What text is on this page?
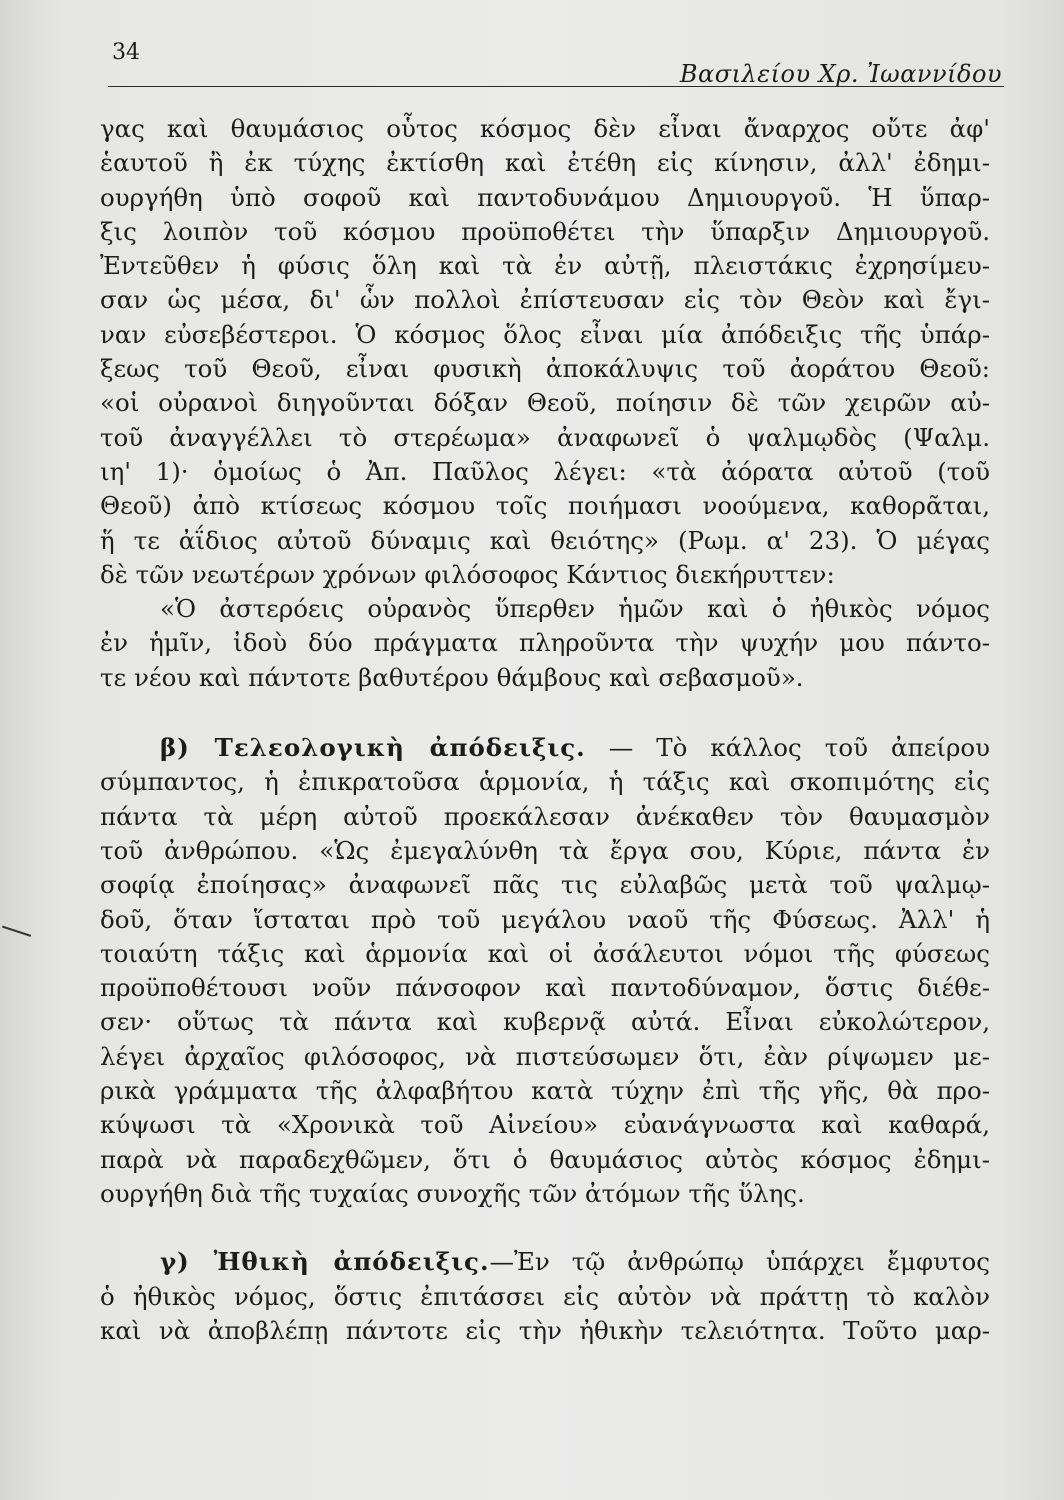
34
Βασιλείου Χρ. Ἰωαννίδου
γας καὶ θαυμάσιος οὗτος κόσμος δὲν εἶναι ἄναρχος οὔτε ἀφ'
ἑαυτοῦ ἢ ἐκ τύχης ἐκτίσθη καὶ ἐτέθη εἰς κίνησιν, ἀλλ' ἐδημι-
ουργήθη ὑπὸ σοφοῦ καὶ παντοδυνάμου Δημιουργοῦ. Ἡ ὕπαρ-
ξις λοιπὸν τοῦ κόσμου προϋποθέτει τὴν ὕπαρξιν Δημιουργοῦ.
Ἐντεῦθεν ἡ φύσις ὅλη καὶ τὰ ἐν αὐτῇ, πλειστάκις ἐχρησίμευ-
σαν ὡς μέσα, δι' ὧν πολλοὶ ἐπίστευσαν εἰς τὸν Θεὸν καὶ ἔγι-
ναν εὐσεβέστεροι. Ὁ κόσμος ὅλος εἶναι μία ἀπόδειξις τῆς ὑπάρ-
ξεως τοῦ Θεοῦ, εἶναι φυσικὴ ἀποκάλυψις τοῦ ἀοράτου Θεοῦ:
«οἱ οὐρανοὶ διηγοῦνται δόξαν Θεοῦ, ποίησιν δὲ τῶν χειρῶν αὐ-
τοῦ ἀναγγέλλει τὸ στερέωμα» ἀναφωνεῖ ὁ ψαλμῳδὸς (Ψαλμ.
ιη' 1)· ὁμοίως ὁ Ἀπ. Παῦλος λέγει: «τὰ ἀόρατα αὐτοῦ (τοῦ
Θεοῦ) ἀπὸ κτίσεως κόσμου τοῖς ποιήμασι νοούμενα, καθορᾶται,
ἥ τε ἀΐδιος αὐτοῦ δύναμις καὶ θειότης» (Ρωμ. α' 23). Ὁ μέγας
δὲ τῶν νεωτέρων χρόνων φιλόσοφος Κάντιος διεκήρυττεν:
«Ὁ ἀστερόεις οὐρανὸς ὕπερθεν ἡμῶν καὶ ὁ ἠθικὸς νόμος
ἐν ἡμῖν, ἰδοὺ δύο πράγματα πληροῦντα τὴν ψυχήν μου πάντο-
τε νέου καὶ πάντοτε βαθυτέρου θάμβους καὶ σεβασμοῦ».
β) Τελεολογικὴ ἀπόδειξις. — Τὸ κάλλος τοῦ ἀπείρου
σύμπαντος, ἡ ἐπικρατοῦσα ἁρμονία, ἡ τάξις καὶ σκοπιμότης εἰς
πάντα τὰ μέρη αὐτοῦ προεκάλεσαν ἀνέκαθεν τὸν θαυμασμὸν
τοῦ ἀνθρώπου. «Ὡς ἐμεγαλύνθη τὰ ἔργα σου, Κύριε, πάντα ἐν
σοφίᾳ ἐποίησας» ἀναφωνεῖ πᾶς τις εὐλαβῶς μετὰ τοῦ ψαλμῳ-
δοῦ, ὅταν ἵσταται πρὸ τοῦ μεγάλου ναοῦ τῆς Φύσεως. Ἀλλ' ἡ
τοιαύτη τάξις καὶ ἁρμονία καὶ οἱ ἀσάλευτοι νόμοι τῆς φύσεως
προϋποθέτουσι νοῦν πάνσοφον καὶ παντοδύναμον, ὅστις διέθε-
σεν· οὕτως τὰ πάντα καὶ κυβερνᾷ αὐτά. Εἶναι εὐκολώτερον,
λέγει ἀρχαῖος φιλόσοφος, νὰ πιστεύσωμεν ὅτι, ἐὰν ρίψωμεν με-
ρικὰ γράμματα τῆς ἀλφαβήτου κατὰ τύχην ἐπὶ τῆς γῆς, θὰ προ-
κύψωσι τὰ «Χρονικὰ τοῦ Αἰνείου» εὐανάγνωστα καὶ καθαρά,
παρὰ νὰ παραδεχθῶμεν, ὅτι ὁ θαυμάσιος αὐτὸς κόσμος ἐδημι-
ουργήθη διὰ τῆς τυχαίας συνοχῆς τῶν ἀτόμων τῆς ὕλης.
γ) Ἠθικὴ ἀπόδειξις.—Ἐν τῷ ἀνθρώπῳ ὑπάρχει ἔμφυτος
ὁ ἠθικὸς νόμος, ὅστις ἐπιτάσσει εἰς αὐτὸν νὰ πράττῃ τὸ καλὸν
καὶ νὰ ἀποβλέπῃ πάντοτε εἰς τὴν ἠθικὴν τελειότητα. Τοῦτο μαρ-
